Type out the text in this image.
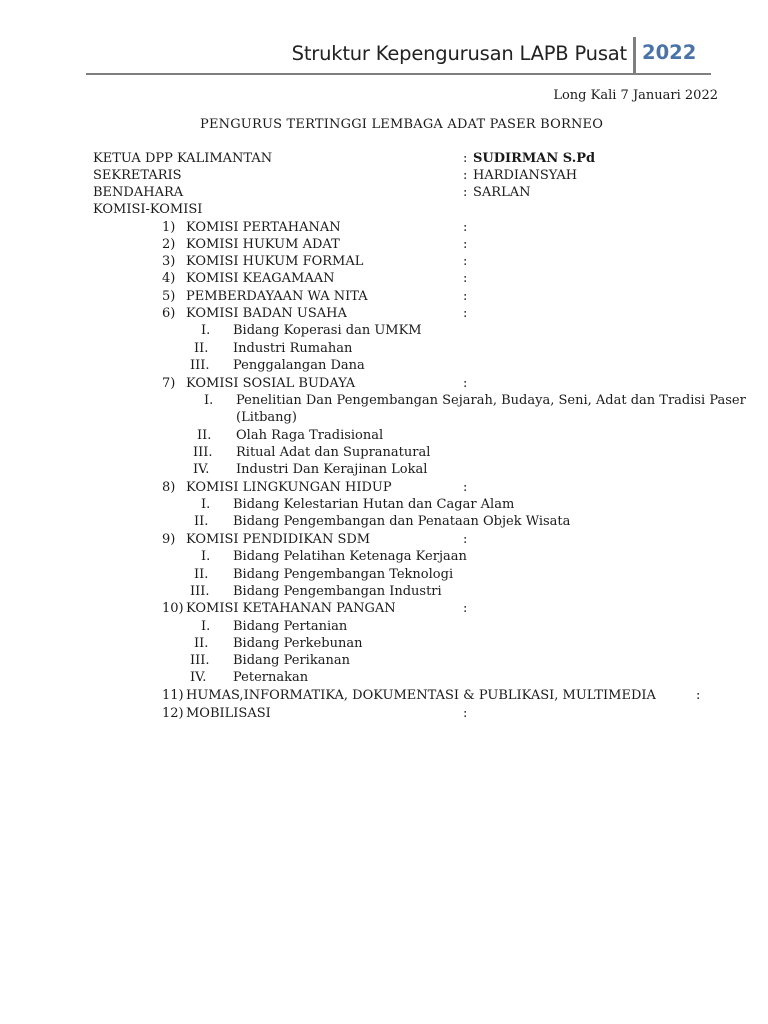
Struktur Kepengurusan LAPB Pusat 2022
Long Kali 7 Januari 2022
PENGURUS TERTINGGI LEMBAGA ADAT PASER BORNEO
KETUA DPP KALIMANTAN	: SUDIRMAN S.Pd
SEKRETARIS	: HARDIANSYAH
BENDAHARA	: SARLAN
KOMISI-KOMISI
1) KOMISI PERTAHANAN	:
2) KOMISI HUKUM ADAT	:
3) KOMISI HUKUM FORMAL	:
4) KOMISI KEAGAMAAN	:
5) PEMBERDAYAAN WA NITA	:
6) KOMISI BADAN USAHA	:
I. Bidang Koperasi dan UMKM
II. Industri Rumahan
III. Penggalangan Dana
7) KOMISI SOSIAL BUDAYA	:
I. Penelitian Dan Pengembangan Sejarah, Budaya, Seni, Adat dan Tradisi Paser
(Litbang)
II. Olah Raga Tradisional
III. Ritual Adat dan Supranatural
IV. Industri Dan Kerajinan Lokal
8) KOMISI LINGKUNGAN HIDUP	:
I. Bidang Kelestarian Hutan dan Cagar Alam
II. Bidang Pengembangan dan Penataan Objek Wisata
9) KOMISI PENDIDIKAN SDM	:
I. Bidang Pelatihan Ketenaga Kerjaan
II. Bidang Pengembangan Teknologi
III. Bidang Pengembangan Industri
10) KOMISI KETAHANAN PANGAN	:
I. Bidang Pertanian
II. Bidang Perkebunan
III. Bidang Perikanan
IV. Peternakan
11) HUMAS,INFORMATIKA, DOKUMENTASI & PUBLIKASI, MULTIMEDIA	:
12) MOBILISASI	:
